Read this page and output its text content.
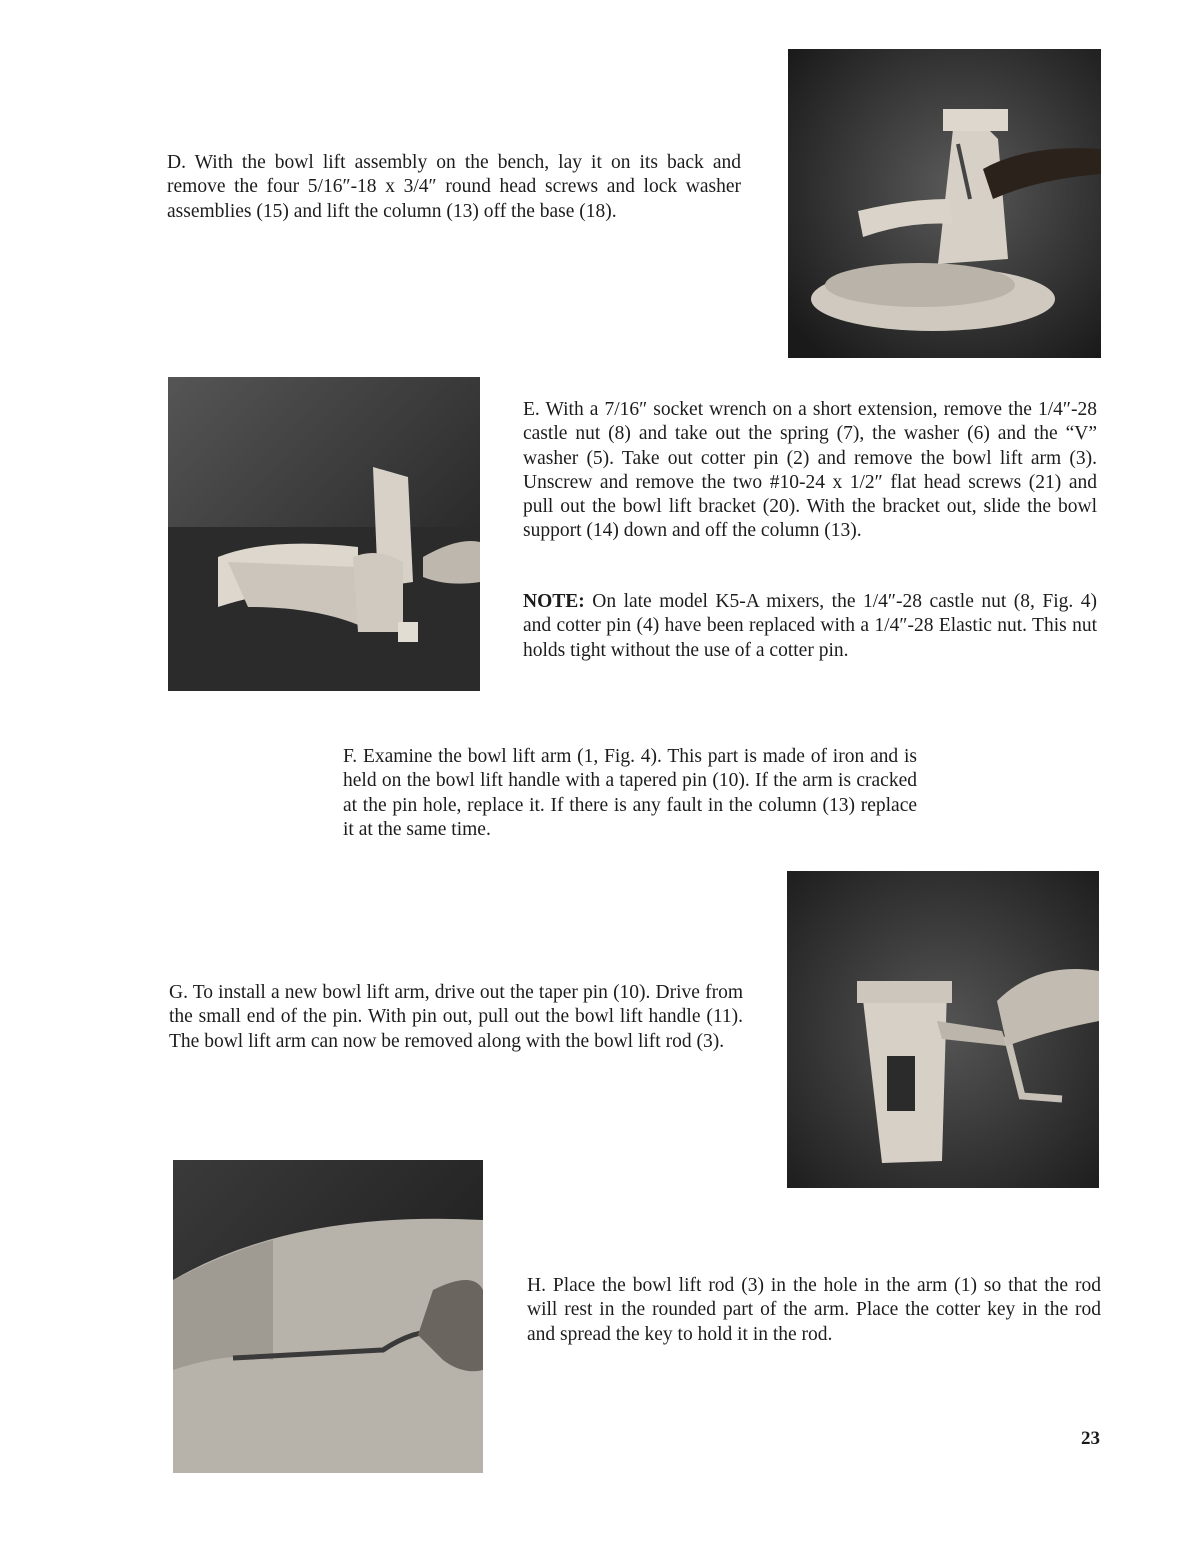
D. With the bowl lift assembly on the bench, lay it on its back and remove the four 5/16″-18 x 3/4″ round head screws and lock washer assemblies (15) and lift the column (13) off the base (18).

E. With a 7/16″ socket wrench on a short extension, remove the 1/4″-28 castle nut (8) and take out the spring (7), the washer (6) and the “V” washer (5). Take out cotter pin (2) and remove the bowl lift arm (3). Unscrew and remove the two #10-24 x 1/2″ flat head screws (21) and pull out the bowl lift bracket (20). With the bracket out, slide the bowl support (14) down and off the column (13).

NOTE: On late model K5-A mixers, the 1/4″-28 castle nut (8, Fig. 4) and cotter pin (4) have been replaced with a 1/4″-28 Elastic nut. This nut holds tight without the use of a cotter pin.

F. Examine the bowl lift arm (1, Fig. 4). This part is made of iron and is held on the bowl lift handle with a tapered pin (10). If the arm is cracked at the pin hole, replace it. If there is any fault in the column (13) replace it at the same time.

G. To install a new bowl lift arm, drive out the taper pin (10). Drive from the small end of the pin. With pin out, pull out the bowl lift handle (11). The bowl lift arm can now be removed along with the bowl lift rod (3).

H. Place the bowl lift rod (3) in the hole in the arm (1) so that the rod will rest in the rounded part of the arm. Place the cotter key in the rod and spread the key to hold it in the rod.

23
